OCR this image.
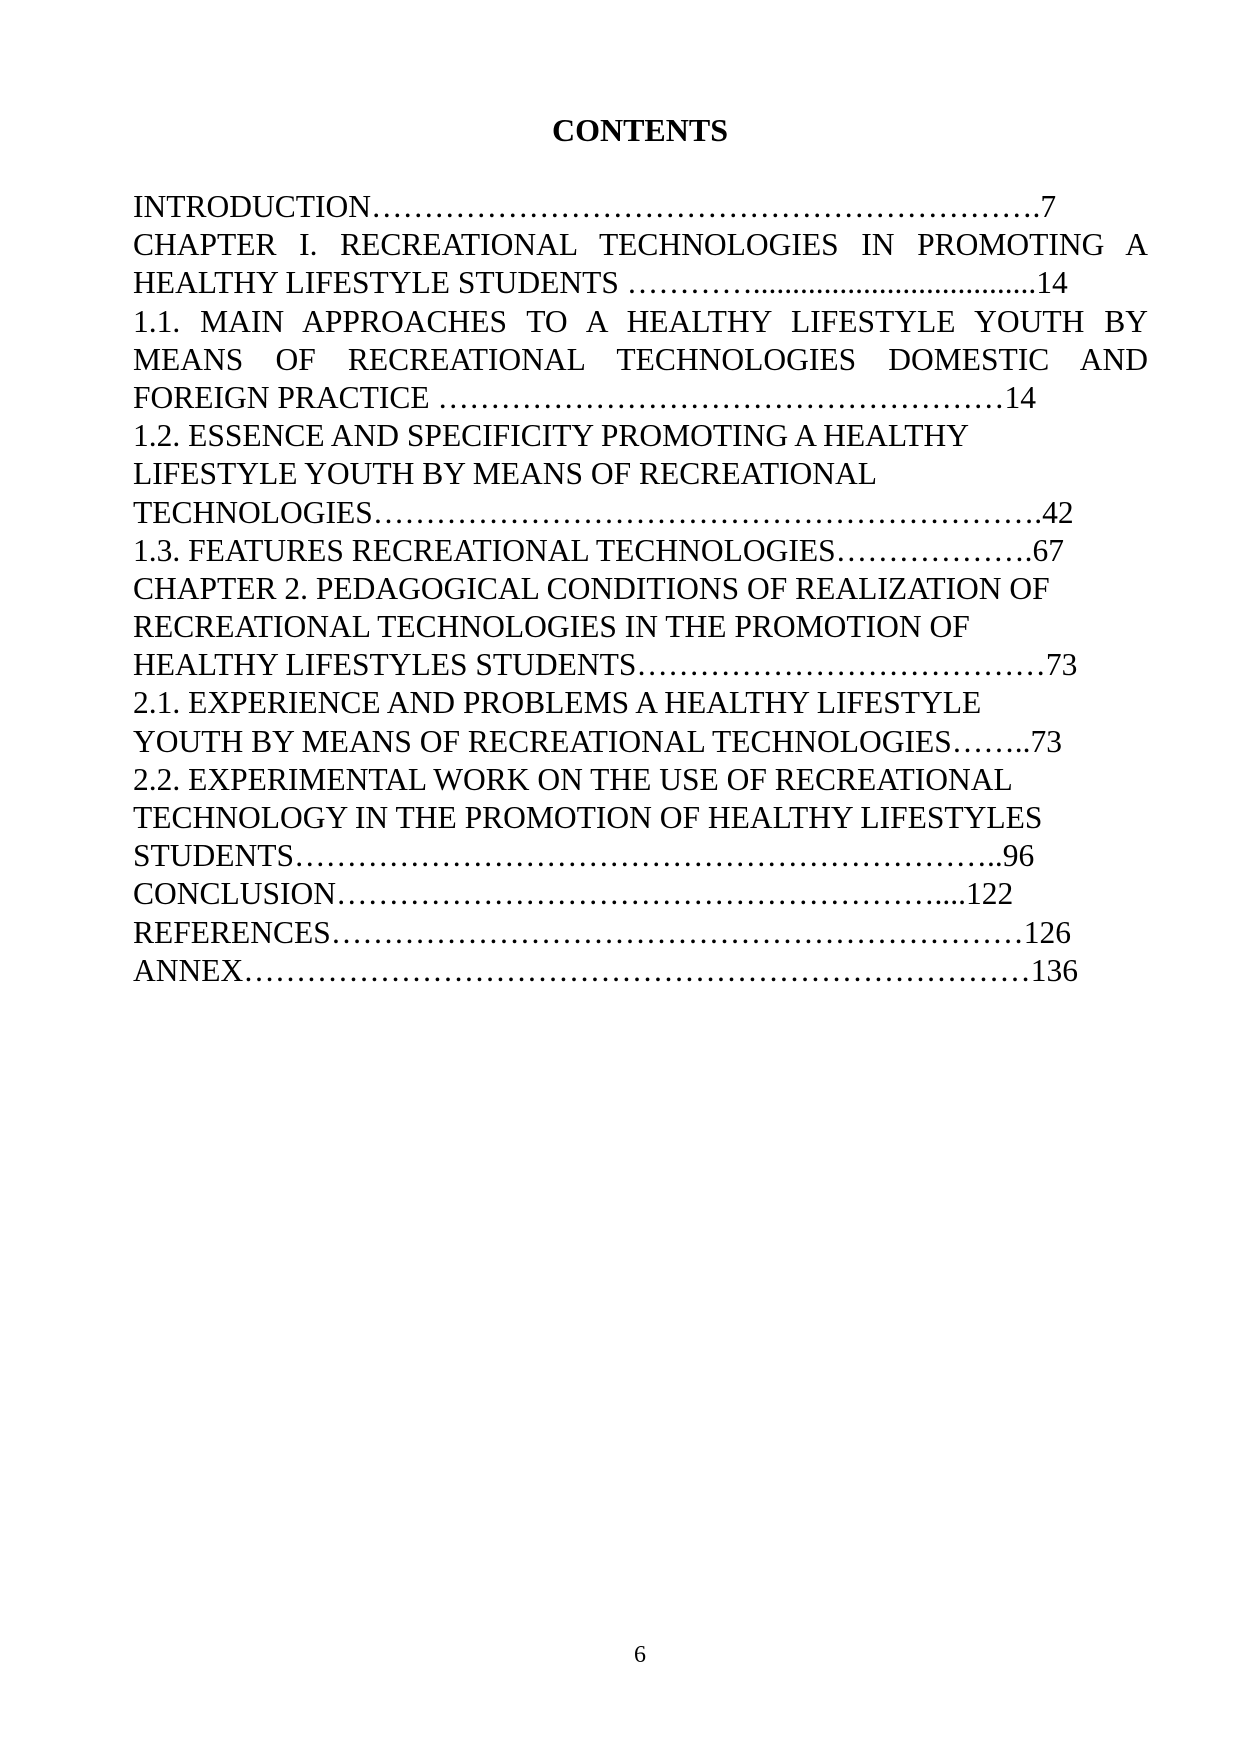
CONTENTS
INTRODUCTION……………………………………………………….7
CHAPTER I. RECREATIONAL TECHNOLOGIES IN PROMOTING A
HEALTHY LIFESTYLE STUDENTS …………....................................14
1.1. MAIN APPROACHES TO A HEALTHY LIFESTYLE YOUTH BY
MEANS OF RECREATIONAL TECHNOLOGIES DOMESTIC AND
FOREIGN PRACTICE ………………………………………………14
1.2. ESSENCE AND SPECIFICITY PROMOTING A HEALTHY
LIFESTYLE YOUTH BY MEANS OF RECREATIONAL
TECHNOLOGIES……………………………………………………….42
1.3. FEATURES RECREATIONAL TECHNOLOGIES……………….67
CHAPTER 2. PEDAGOGICAL CONDITIONS OF REALIZATION OF
RECREATIONAL TECHNOLOGIES IN THE PROMOTION OF
HEALTHY LIFESTYLES STUDENTS…………………………………73
2.1. EXPERIENCE AND PROBLEMS A HEALTHY LIFESTYLE
YOUTH BY MEANS OF RECREATIONAL TECHNOLOGIES……..73
2.2. EXPERIMENTAL WORK ON THE USE OF RECREATIONAL
TECHNOLOGY IN THE PROMOTION OF HEALTHY LIFESTYLES
STUDENTS…………………………………………………………..96
CONCLUSION…………………………………………………....122
REFERENCES…………………………………………………………126
ANNEX…………………………………………………………………136
6
